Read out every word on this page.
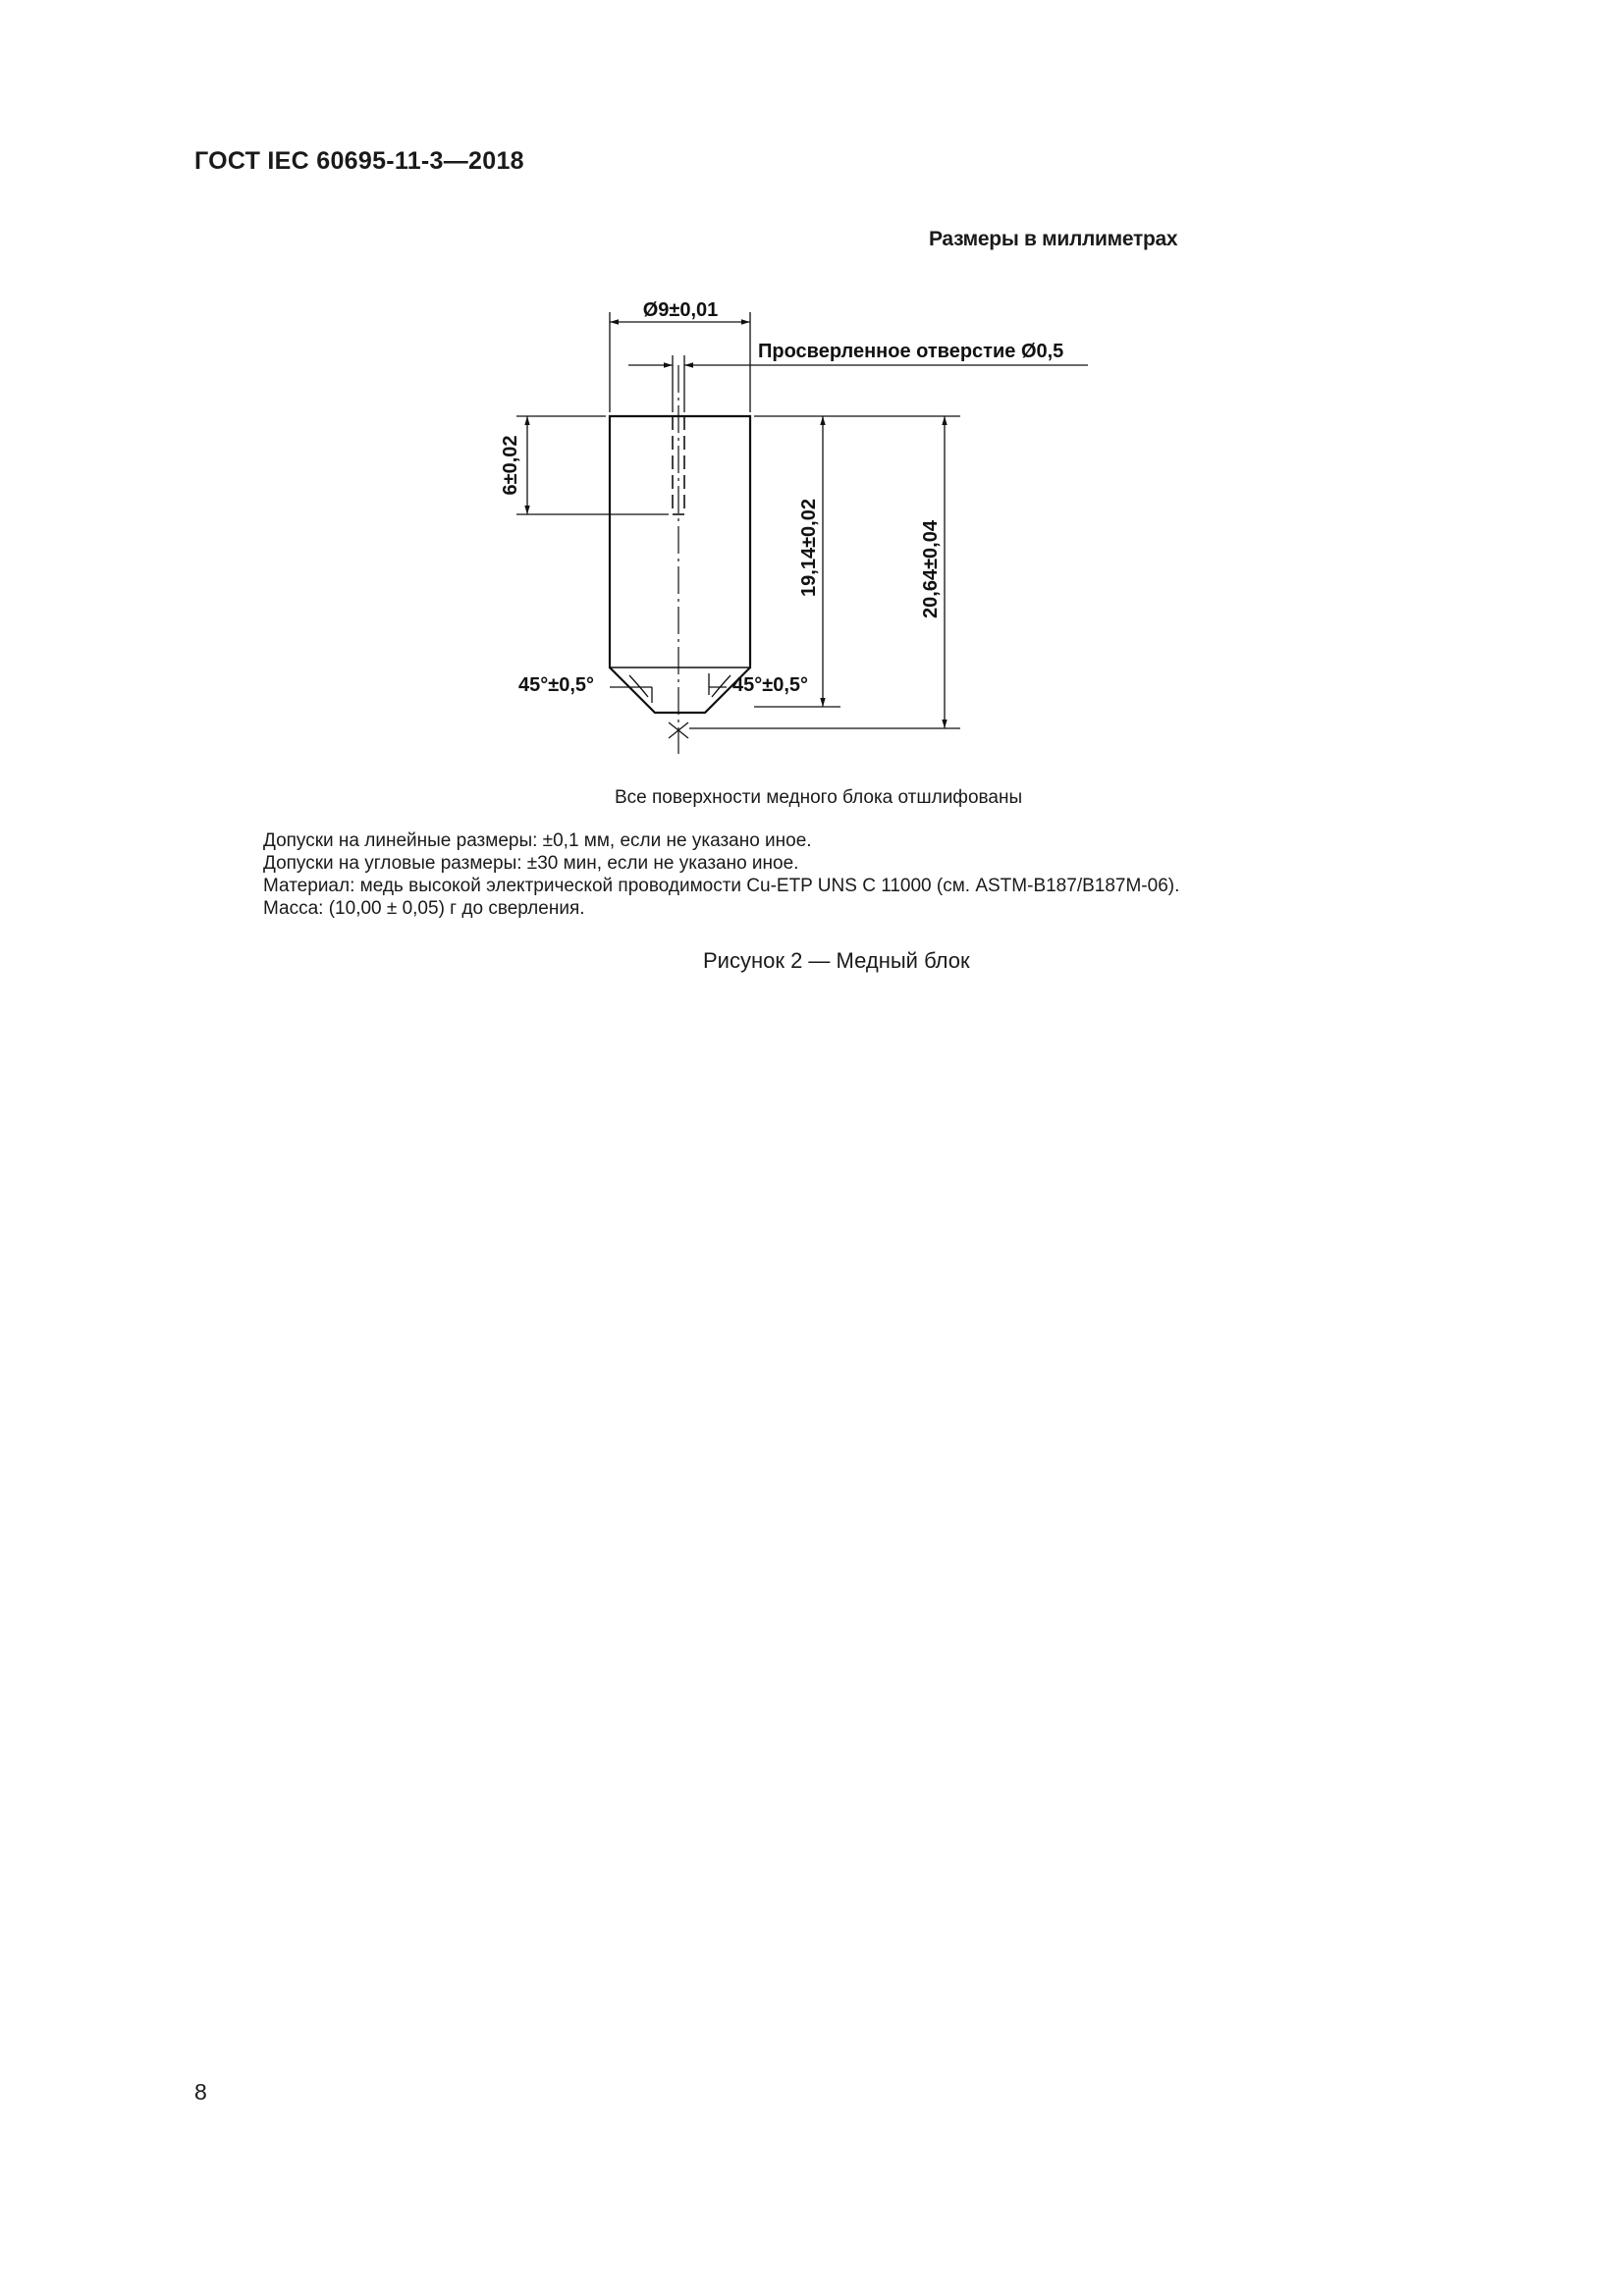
ГОСТ IEC 60695-11-3—2018
Размеры в миллиметрах
Ø9±0,01
Просверленное отверстие Ø0,5
6±0,02
19,14±0,02	20,64±0,04
45°±0,5°	45°±0,5°
Все поверхности медного блока отшлифованы
Допуски на линейные размеры: ±0,1 мм, если не указано иное.
Допуски на угловые размеры: ±30 мин, если не указано иное.
Материал: медь высокой электрической проводимости Cu-ETP UNS C 11000 (см. ASTM-B187/B187M-06).
Масса: (10,00 ± 0,05) г до сверления.
Рисунок 2 — Медный блок
8
